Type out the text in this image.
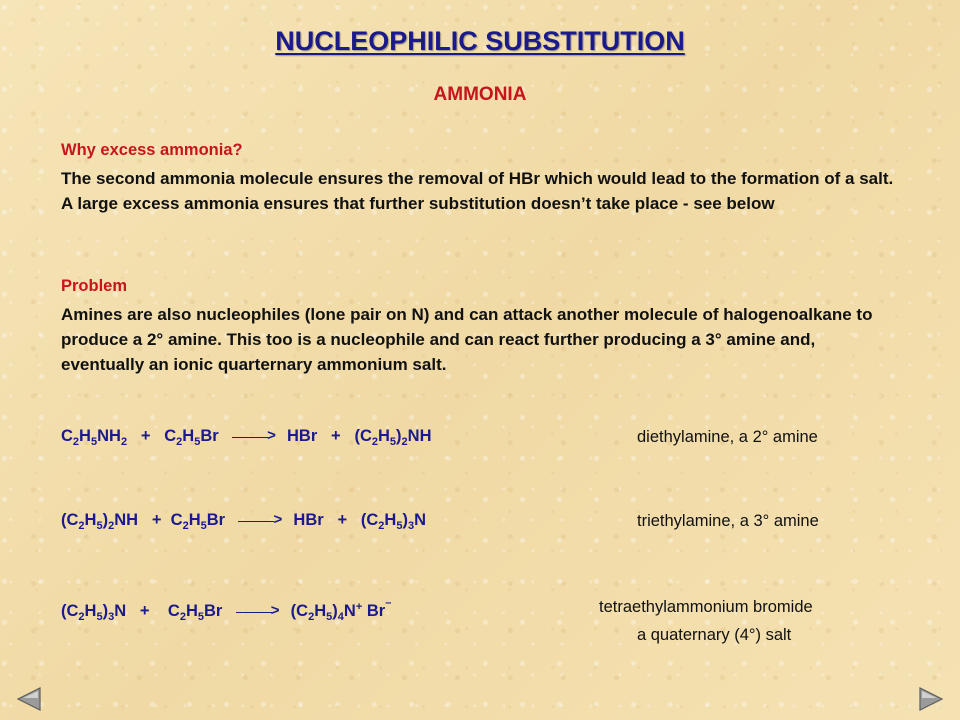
NUCLEOPHILIC SUBSTITUTION
AMMONIA
Why excess ammonia?
The second ammonia molecule ensures the removal of HBr which would lead to the formation of a salt. A large excess ammonia ensures that further substitution doesn’t take place - see below
Problem
Amines are also nucleophiles (lone pair on N) and can attack another molecule of halogenoalkane to produce a 2° amine. This too is a nucleophile and can react further producing a 3° amine and, eventually an ionic quarternary ammonium salt.
$C_2H_5NH_2 + C_2H_5Br$	> HBr + $(C_2H_5)_2NH$	diethylamine, a 2° amine
$(C_2H_5)_2NH + C_2H_5Br$	> HBr + $(C_2H_5)_3N$	triethylamine, a 3° amine
$(C_2H_5)_3N + C_2H_5Br$	> $(C_2H_5)_4N^+$ Br–	tetraethylammonium bromide
a quaternary (4°) salt
